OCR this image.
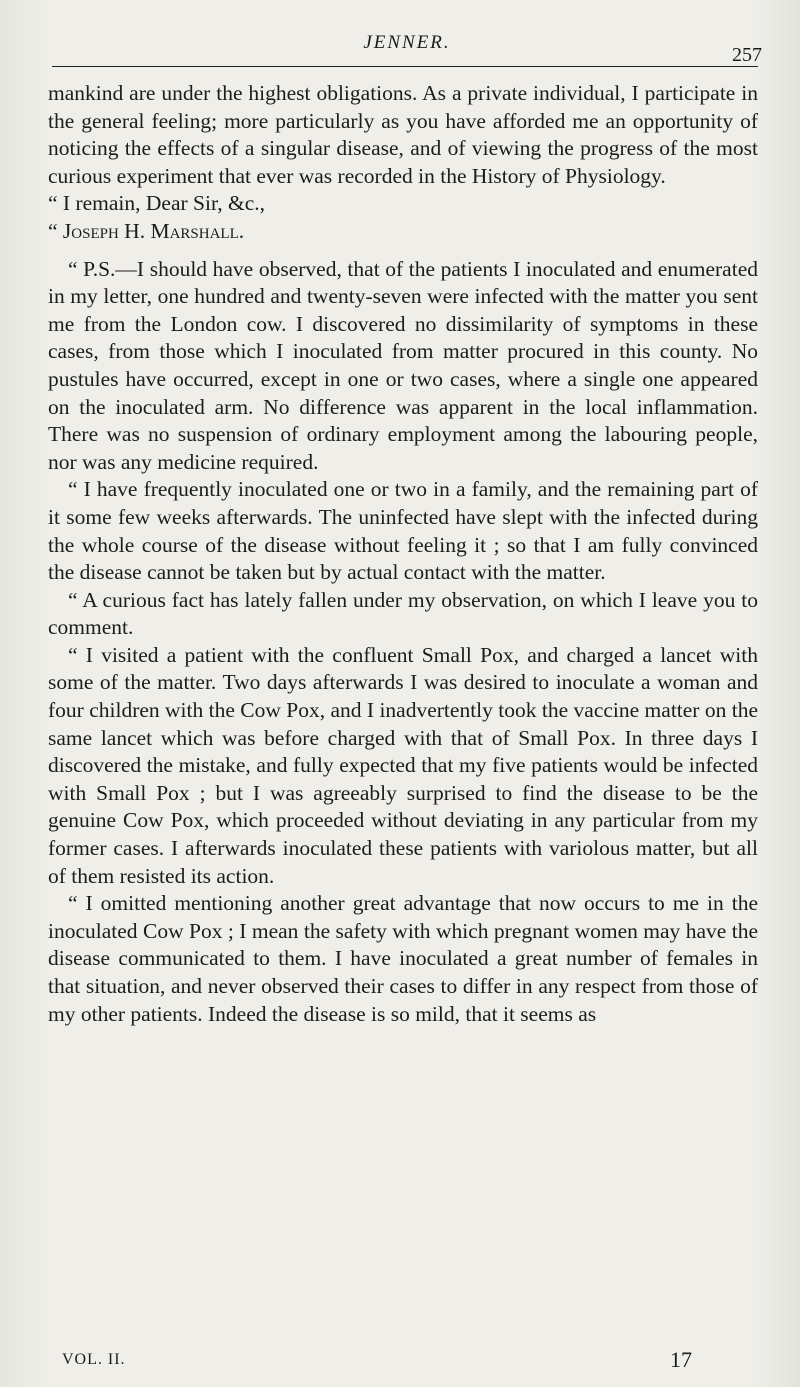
JENNER.
257

mankind are under the highest obligations. As a private individual, I participate in the general feeling; more particularly as you have afforded me an opportunity of noticing the effects of a singular disease, and of viewing the progress of the most curious experiment that ever was recorded in the History of Physiology.

“ I remain, Dear Sir, &c.,

“ Joseph H. Marshall.

“ P.S.—I should have observed, that of the patients I inoculated and enumerated in my letter, one hundred and twenty-seven were infected with the matter you sent me from the London cow. I discovered no dissimilarity of symptoms in these cases, from those which I inoculated from matter procured in this county. No pustules have occurred, except in one or two cases, where a single one appeared on the inoculated arm. No difference was apparent in the local inflammation. There was no suspension of ordinary employment among the labouring people, nor was any medicine required.

“ I have frequently inoculated one or two in a family, and the remaining part of it some few weeks afterwards. The uninfected have slept with the infected during the whole course of the disease without feeling it ; so that I am fully convinced the disease cannot be taken but by actual contact with the matter.

“ A curious fact has lately fallen under my observation, on which I leave you to comment.

“ I visited a patient with the confluent Small Pox, and charged a lancet with some of the matter. Two days afterwards I was desired to inoculate a woman and four children with the Cow Pox, and I inadvertently took the vaccine matter on the same lancet which was before charged with that of Small Pox. In three days I discovered the mistake, and fully expected that my five patients would be infected with Small Pox ; but I was agreeably surprised to find the disease to be the genuine Cow Pox, which proceeded without deviating in any particular from my former cases. I afterwards inoculated these patients with variolous matter, but all of them resisted its action.

“ I omitted mentioning another great advantage that now occurs to me in the inoculated Cow Pox ; I mean the safety with which pregnant women may have the disease communicated to them. I have inoculated a great number of females in that situation, and never observed their cases to differ in any respect from those of my other patients. Indeed the disease is so mild, that it seems as

VOL. II.	17
